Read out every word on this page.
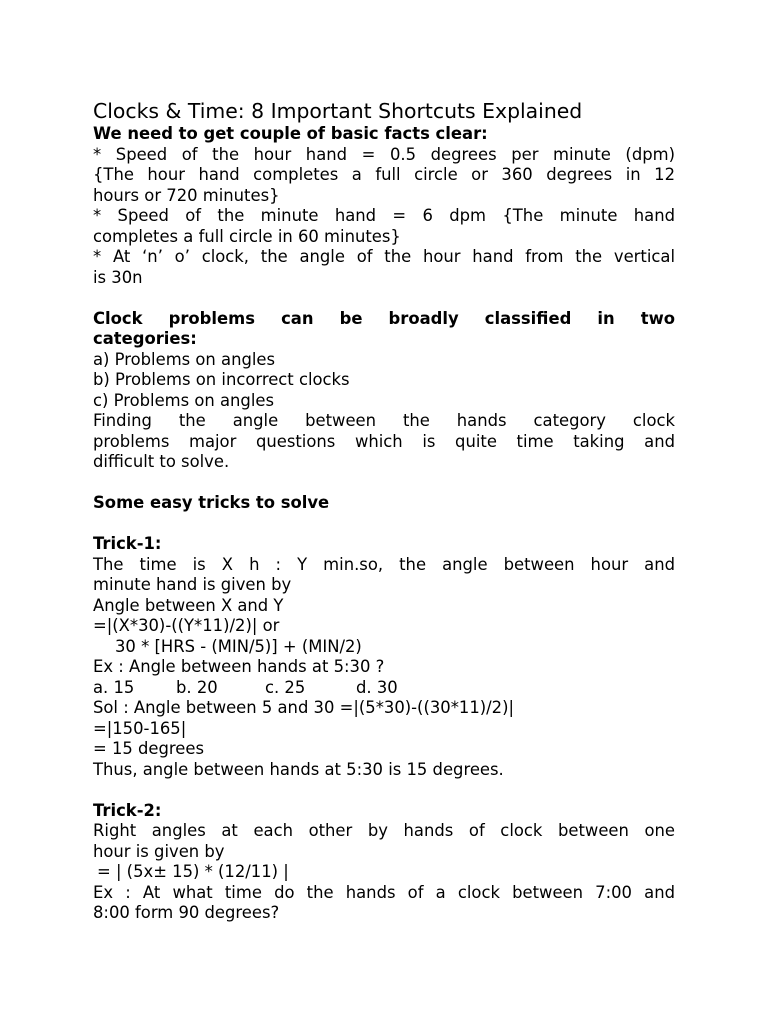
Clocks & Time: 8 Important Shortcuts Explained
We need to get couple of basic facts clear:
* Speed of the hour hand = 0.5 degrees per minute (dpm)
{The hour hand completes a full circle or 360 degrees in 12
hours or 720 minutes}
* Speed of the minute hand = 6 dpm {The minute hand
completes a full circle in 60 minutes}
* At ‘n’ o’ clock, the angle of the hour hand from the vertical
is 30n
Clock problems can be broadly classified in two
categories:
a) Problems on angles
b) Problems on incorrect clocks
c) Problems on angles
Finding the angle between the hands category clock
problems major questions which is quite time taking and
difficult to solve.
Some easy tricks to solve
Trick-1:
The time is X h : Y min.so, the angle between hour and
minute hand is given by
Angle between X and Y
=|(X*30)-((Y*11)/2)| or
30 * [HRS - (MIN/5)] + (MIN/2)
Ex : Angle between hands at 5:30 ?
a. 15	b. 20	c. 25	d. 30
Sol : Angle between 5 and 30 =|(5*30)-((30*11)/2)|
=|150-165|
= 15 degrees
Thus, angle between hands at 5:30 is 15 degrees.
Trick-2:
Right angles at each other by hands of clock between one
hour is given by
= | (5x± 15) * (12/11) |
Ex : At what time do the hands of a clock between 7:00 and
8:00 form 90 degrees?
